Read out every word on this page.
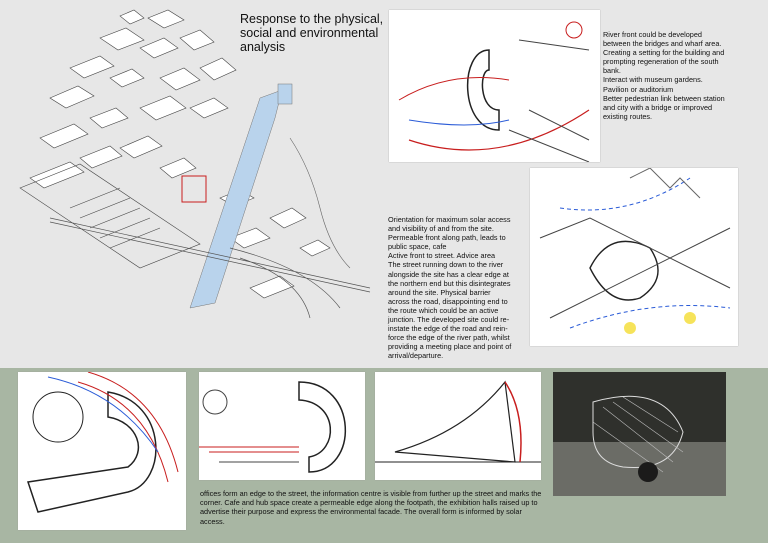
Response to the physical,
social and environmental
analysis
River front could be developed
between the bridges and wharf area.
Creating a setting for the building and
prompting regeneration of the south
bank.
Interact with museum gardens.
Pavilion or auditorium
Better pedestrian link between station
and city with a bridge or improved
existing routes.
Orientation for maximum solar access
and visibility of and from the site.
Permeable front along path, leads to
public space, cafe
Active front to street. Advice area
The street running down to the river
alongside the site has a clear edge at
the northern end but this disintegrates
around the site. Physical barrier
across the road, disappointing end to
the route which could be an active
junction. The developed site could re-
instate the edge of the road and rein-
force the edge of the river path, whilst
providing a meeting place and point of
arrival/departure.
offices form an edge to the street, the information centre is visible from further up the street and marks the corner. Cafe and hub space create a permeable edge along the footpath, the exhibition halls raised up to advertise their purpose and express the environmental facade. The overall form is informed by solar access.
